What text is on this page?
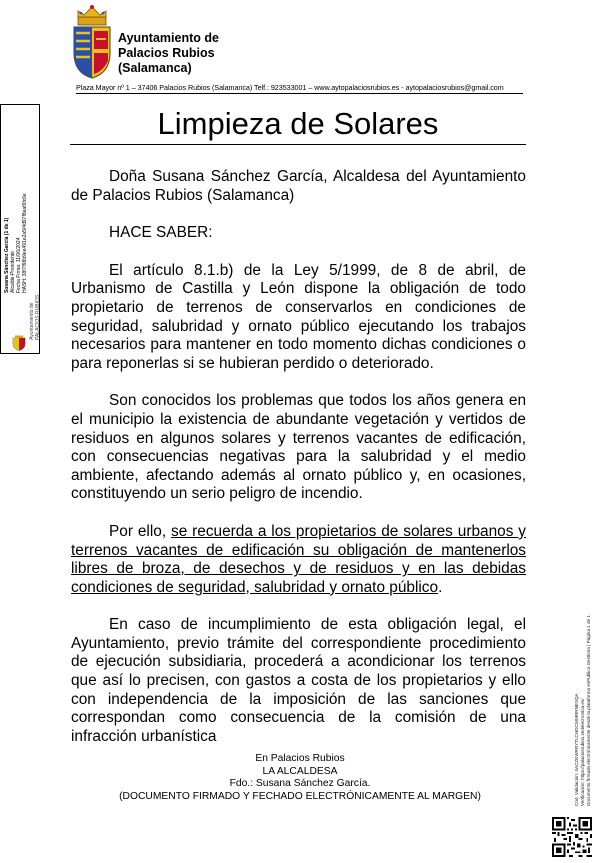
Ayuntamiento de
Palacios Rubios
(Salamanca)
Plaza Mayor nº 1 – 37406 Palacios Rubios (Salamanca) Telf.: 923533001 – www.aytopalaciosrubios.es - aytopalaciosrubios@gmail.com
Limpieza de Solares

Doña Susana Sánchez García, Alcaldesa del Ayuntamiento de Palacios Rubios (Salamanca)

HACE SABER:

El artículo 8.1.b) de la Ley 5/1999, de 8 de abril, de Urbanismo de Castilla y León dispone la obligación de todo propietario de terrenos de conservarlos en condiciones de seguridad, salubridad y ornato público ejecutando los trabajos necesarios para mantener en todo momento dichas condiciones o para reponerlas si se hubieran perdido o deteriorado.

Son conocidos los problemas que todos los años genera en el municipio la existencia de abundante vegetación y vertidos de residuos en algunos solares y terrenos vacantes de edificación, con consecuencias negativas para la salubridad y el medio ambiente, afectando además al ornato público y, en ocasiones, constituyendo un serio peligro de incendio.

Por ello, se recuerda a los propietarios de solares urbanos y terrenos vacantes de edificación su obligación de mantenerlos libres de broza, de desechos y de residuos y en las debidas condiciones de seguridad, salubridad y ornato público.

En caso de incumplimiento de esta obligación legal, el Ayuntamiento, previo trámite del correspondiente procedimiento de ejecución subsidiaria, procederá a acondicionar los terrenos que así lo precisen, con gastos a costa de los propietarios y ello con independencia de la imposición de las sanciones que correspondan como consecuencia de la comisión de una infracción urbanística

En Palacios Rubios
LA ALCALDESA
Fdo.: Susana Sánchez García.
(DOCUMENTO FIRMADO Y FECHADO ELECTRÓNICAMENTE AL MARGEN)
Susana Sánchez García (1 de 1) Alcalde-Presidente Fecha Firma: 11/06/2024 HASH: 38f7f98b9ee491e2a5f4d97f8eaf6fc6e
Ayuntamiento de PALACIOS RUBIOS
Cód. Validación: 4ACZEWRRYTLCHDCWMRRNESQA Verificación: https://palaciosrubios.sedelectronica.es/ Documento firmado electrónicamente desde la plataforma esPublico Gestiona | Página 1 de 1
